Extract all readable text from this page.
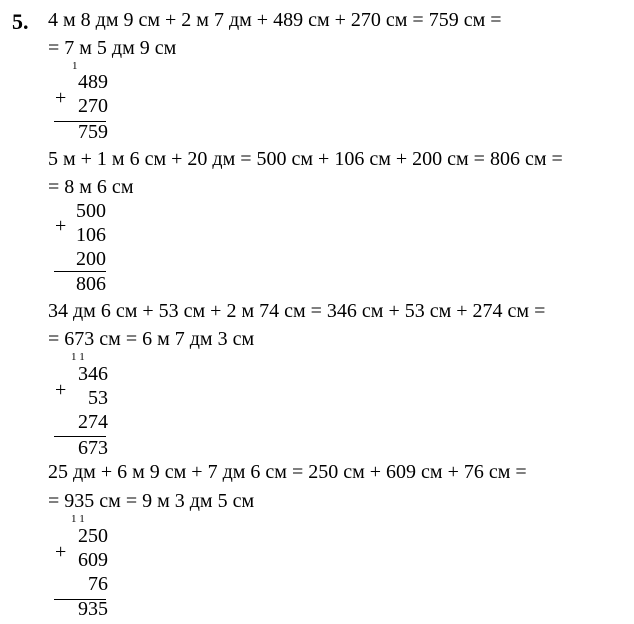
5. 4 м 8 дм 9 см + 2 м 7 дм + 489 см + 270 см = 759 см =
= 7 м 5 дм 9 см
1
+
489
270
759
5 м + 1 м 6 см + 20 дм = 500 см + 106 см + 200 см = 806 см =
= 8 м 6 см
+
500
106
200
806
34 дм 6 см + 53 см + 2 м 74 см = 346 см + 53 см + 274 см =
= 673 см = 6 м 7 дм 3 см
1 1
+
346
53
274
673
25 дм + 6 м 9 см + 7 дм 6 см = 250 см + 609 см + 76 см =
= 935 см = 9 м 3 дм 5 см
1 1
+
250
609
76
935
